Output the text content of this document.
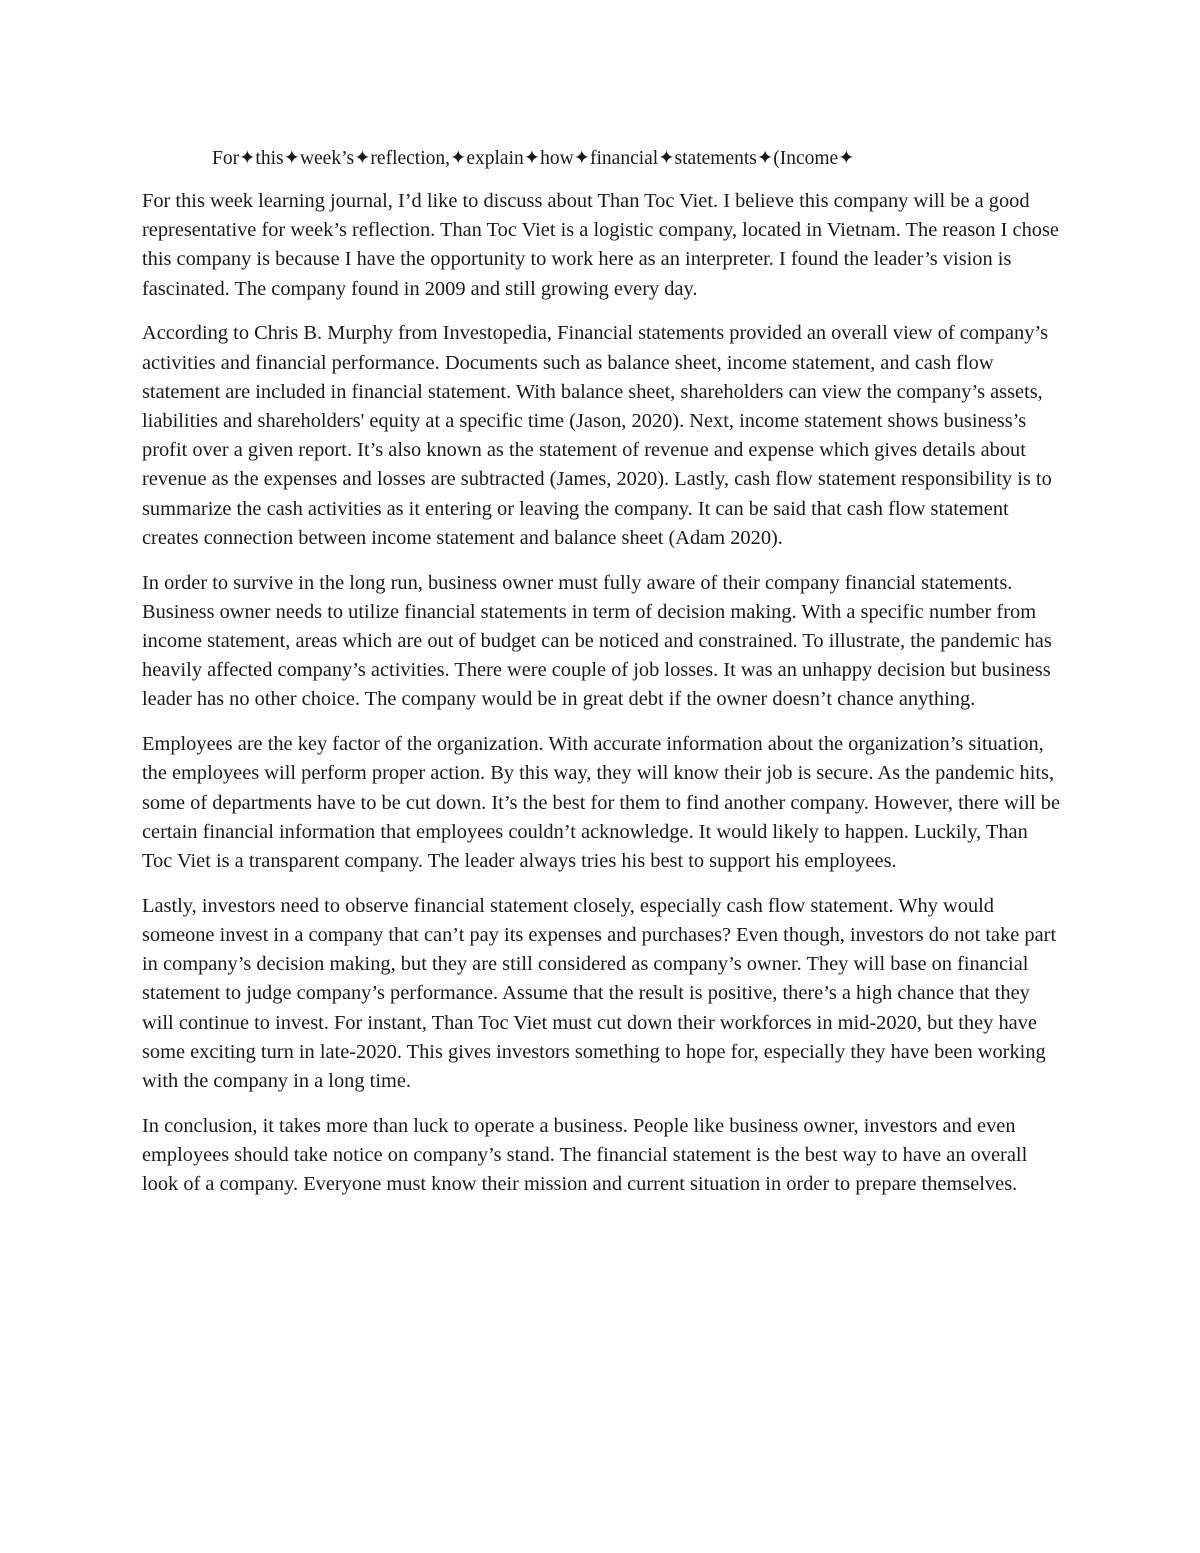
For✦this✦week’s✦reflection,✦explain✦how✦financial✦statements✦(Income✦

For this week learning journal, I’d like to discuss about Than Toc Viet. I believe this company will be a good representative for week’s reflection. Than Toc Viet is a logistic company, located in Vietnam. The reason I chose this company is because I have the opportunity to work here as an interpreter. I found the leader’s vision is fascinated. The company found in 2009 and still growing every day.

According to Chris B. Murphy from Investopedia, Financial statements provided an overall view of company’s activities and financial performance. Documents such as balance sheet, income statement, and cash flow statement are included in financial statement. With balance sheet, shareholders can view the company’s assets, liabilities and shareholders' equity at a specific time (Jason, 2020). Next, income statement shows business’s profit over a given report. It’s also known as the statement of revenue and expense which gives details about revenue as the expenses and losses are subtracted (James, 2020). Lastly, cash flow statement responsibility is to summarize the cash activities as it entering or leaving the company. It can be said that cash flow statement creates connection between income statement and balance sheet (Adam 2020).

In order to survive in the long run, business owner must fully aware of their company financial statements. Business owner needs to utilize financial statements in term of decision making. With a specific number from income statement, areas which are out of budget can be noticed and constrained. To illustrate, the pandemic has heavily affected company’s activities. There were couple of job losses. It was an unhappy decision but business leader has no other choice. The company would be in great debt if the owner doesn’t chance anything.

Employees are the key factor of the organization. With accurate information about the organization’s situation, the employees will perform proper action. By this way, they will know their job is secure. As the pandemic hits, some of departments have to be cut down. It’s the best for them to find another company. However, there will be certain financial information that employees couldn’t acknowledge. It would likely to happen. Luckily, Than Toc Viet is a transparent company. The leader always tries his best to support his employees.

Lastly, investors need to observe financial statement closely, especially cash flow statement. Why would someone invest in a company that can’t pay its expenses and purchases? Even though, investors do not take part in company’s decision making, but they are still considered as company’s owner. They will base on financial statement to judge company’s performance. Assume that the result is positive, there’s a high chance that they will continue to invest. For instant, Than Toc Viet must cut down their workforces in mid-2020, but they have some exciting turn in late-2020. This gives investors something to hope for, especially they have been working with the company in a long time.

In conclusion, it takes more than luck to operate a business. People like business owner, investors and even employees should take notice on company’s stand. The financial statement is the best way to have an overall look of a company. Everyone must know their mission and current situation in order to prepare themselves.
